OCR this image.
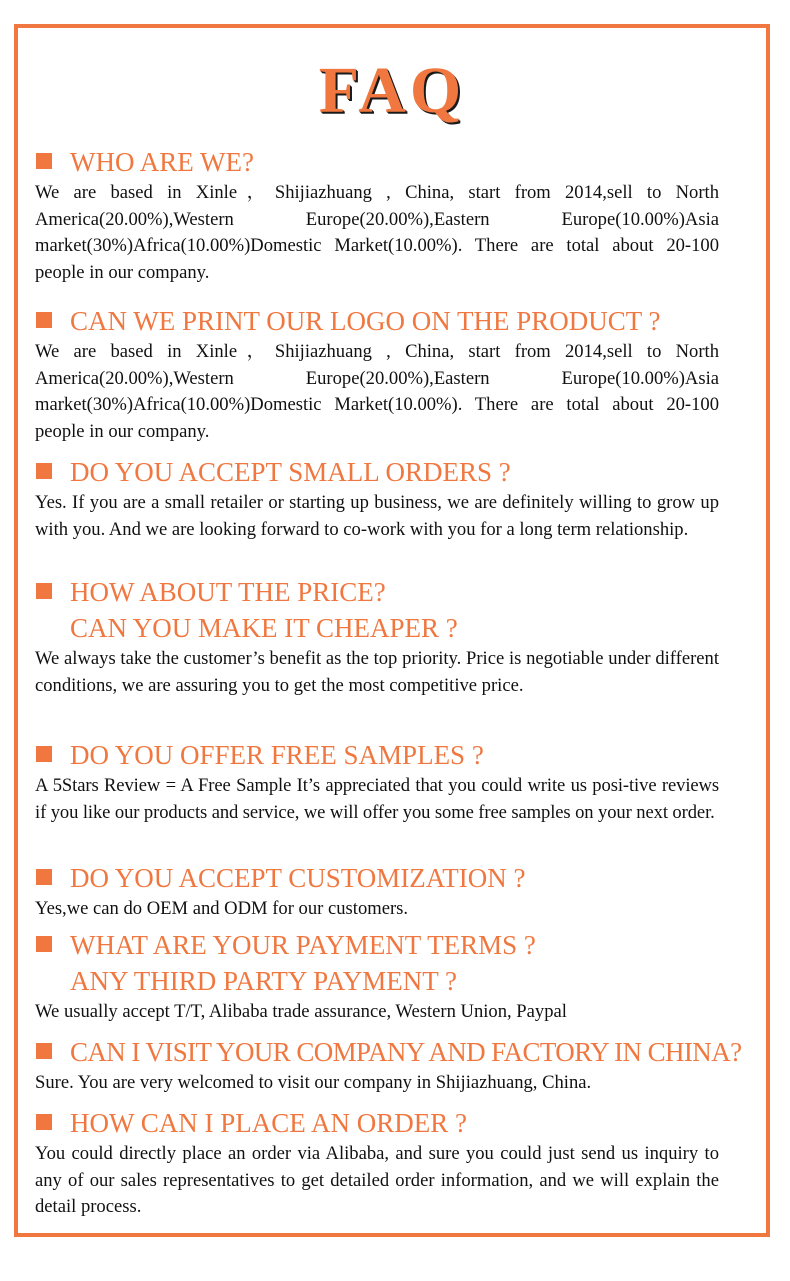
FAQ
WHO ARE WE?
We are based in Xinle，Shijiazhuang , China, start from 2014,sell to North America(20.00%),Western Europe(20.00%),Eastern Europe(10.00%)Asia market(30%)Africa(10.00%)Domestic Market(10.00%). There are total about 20-100 people in our company.
CAN WE PRINT OUR LOGO ON THE PRODUCT ?
We are based in Xinle，Shijiazhuang , China, start from 2014,sell to North America(20.00%),Western Europe(20.00%),Eastern Europe(10.00%)Asia market(30%)Africa(10.00%)Domestic Market(10.00%). There are total about 20-100 people in our company.
DO YOU ACCEPT SMALL ORDERS ?
Yes. If you are a small retailer or starting up business, we are definitely willing to grow up with you. And we are looking forward to co-work with you for a long term relationship.
HOW ABOUT THE PRICE?
CAN YOU MAKE IT CHEAPER ?
We always take the customer’s benefit as the top priority. Price is negotiable under different conditions, we are assuring you to get the most competitive price.
DO YOU OFFER FREE SAMPLES ?
A 5Stars Review = A Free Sample It’s appreciated that you could write us posi-tive reviews if you like our products and service, we will offer you some free samples on your next order.
DO YOU ACCEPT CUSTOMIZATION ?
Yes,we can do OEM and ODM for our customers.
WHAT ARE YOUR PAYMENT TERMS ?
ANY THIRD PARTY PAYMENT ?
We usually accept T/T, Alibaba trade assurance, Western Union, Paypal
CAN I VISIT YOUR COMPANY AND FACTORY IN CHINA?
Sure. You are very welcomed to visit our company in Shijiazhuang, China.
HOW CAN I PLACE AN ORDER ?
You could directly place an order via Alibaba, and sure you could just send us inquiry to any of our sales representatives to get detailed order information, and we will explain the detail process.
